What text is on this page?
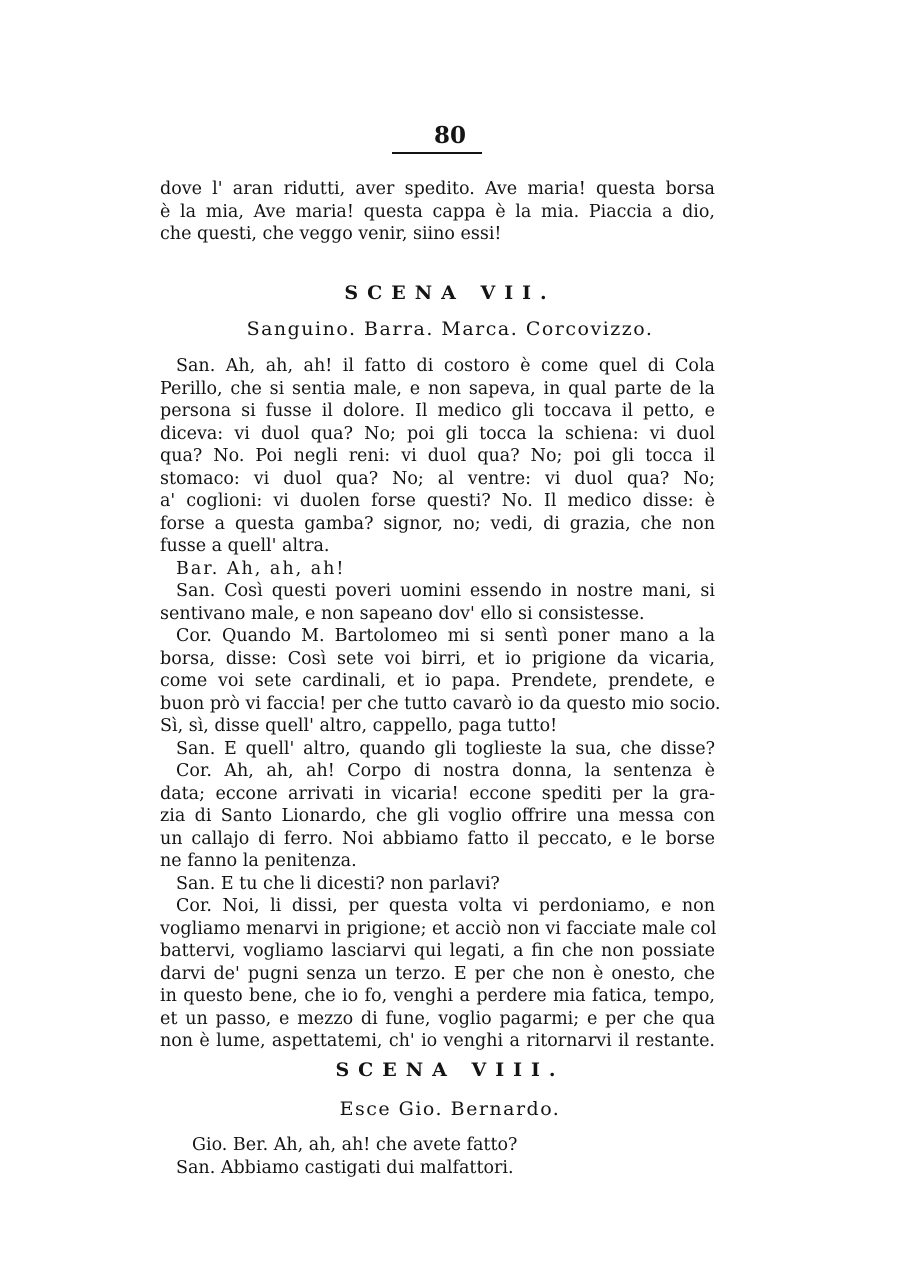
80
dove l' aran ridutti, aver spedito. Ave maria! questa borsa
è la mia, Ave maria! questa cappa è la mia. Piaccia a dio,
che questi, che veggo venir, siino essi!
SCENA VII.
Sanguino. Barra. Marca. Corcovizzo.
San. Ah, ah, ah! il fatto di costoro è come quel di Cola
Perillo, che si sentia male, e non sapeva, in qual parte de la
persona si fusse il dolore. Il medico gli toccava il petto, e
diceva: vi duol qua? No; poi gli tocca la schiena: vi duol
qua? No. Poi negli reni: vi duol qua? No; poi gli tocca il
stomaco: vi duol qua? No; al ventre: vi duol qua? No;
a' coglioni: vi duolen forse questi? No. Il medico disse: è
forse a questa gamba? signor, no; vedi, di grazia, che non
fusse a quell' altra.
Bar. Ah, ah, ah!
San. Così questi poveri uomini essendo in nostre mani, si
sentivano male, e non sapeano dov' ello si consistesse.
Cor. Quando M. Bartolomeo mi si sentì poner mano a la
borsa, disse: Così sete voi birri, et io prigione da vicaria,
come voi sete cardinali, et io papa. Prendete, prendete, e
buon prò vi faccia! per che tutto cavarò io da questo mio socio.
Sì, sì, disse quell' altro, cappello, paga tutto!
San. E quell' altro, quando gli toglieste la sua, che disse?
Cor. Ah, ah, ah! Corpo di nostra donna, la sentenza è
data; eccone arrivati in vicaria! eccone spediti per la gra-
zia di Santo Lionardo, che gli voglio offrire una messa con
un callajo di ferro. Noi abbiamo fatto il peccato, e le borse
ne fanno la penitenza.
San. E tu che li dicesti? non parlavi?
Cor. Noi, li dissi, per questa volta vi perdoniamo, e non
vogliamo menarvi in prigione; et acciò non vi facciate male col
battervi, vogliamo lasciarvi qui legati, a fin che non possiate
darvi de' pugni senza un terzo. E per che non è onesto, che
in questo bene, che io fo, venghi a perdere mia fatica, tempo,
et un passo, e mezzo di fune, voglio pagarmi; e per che qua
non è lume, aspettatemi, ch' io venghi a ritornarvi il restante.
SCENA VIII.
Esce Gio. Bernardo.
Gio. Ber. Ah, ah, ah! che avete fatto?
San. Abbiamo castigati dui malfattori.
